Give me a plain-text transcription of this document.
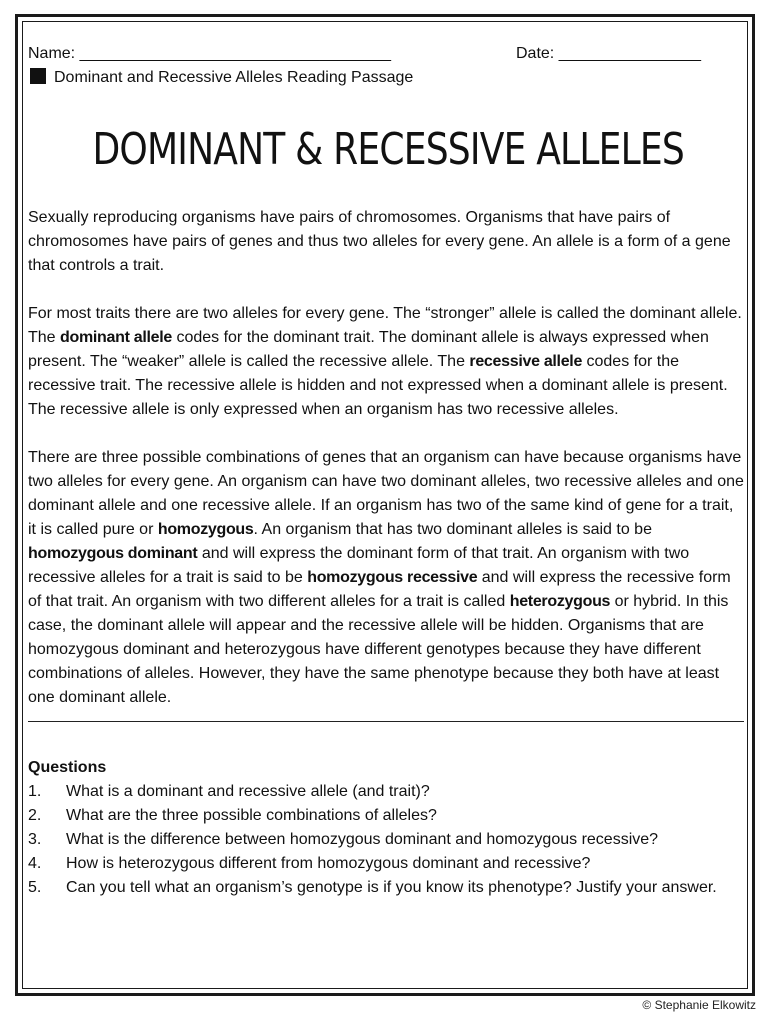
Name: ___________________________________	Date: ________________
Dominant and Recessive Alleles Reading Passage
DOMINANT & RECESSIVE ALLELES

Sexually reproducing organisms have pairs of chromosomes. Organisms that have pairs of chromosomes have pairs of genes and thus two alleles for every gene. An allele is a form of a gene that controls a trait.

For most traits there are two alleles for every gene. The “stronger” allele is called the dominant allele. The dominant allele codes for the dominant trait. The dominant allele is always expressed when present. The “weaker” allele is called the recessive allele. The recessive allele codes for the recessive trait. The recessive allele is hidden and not expressed when a dominant allele is present. The recessive allele is only expressed when an organism has two recessive alleles.

There are three possible combinations of genes that an organism can have because organisms have two alleles for every gene. An organism can have two dominant alleles, two recessive alleles and one dominant allele and one recessive allele. If an organism has two of the same kind of gene for a trait, it is called pure or homozygous. An organism that has two dominant alleles is said to be homozygous dominant and will express the dominant form of that trait. An organism with two recessive alleles for a trait is said to be homozygous recessive and will express the recessive form of that trait. An organism with two different alleles for a trait is called heterozygous or hybrid. In this case, the dominant allele will appear and the recessive allele will be hidden. Organisms that are homozygous dominant and heterozygous have different genotypes because they have different combinations of alleles. However, they have the same phenotype because they both have at least one dominant allele.

Questions
1. What is a dominant and recessive allele (and trait)?
2. What are the three possible combinations of alleles?
3. What is the difference between homozygous dominant and homozygous recessive?
4. How is heterozygous different from homozygous dominant and recessive?
5. Can you tell what an organism’s genotype is if you know its phenotype? Justify your answer.
© Stephanie Elkowitz
